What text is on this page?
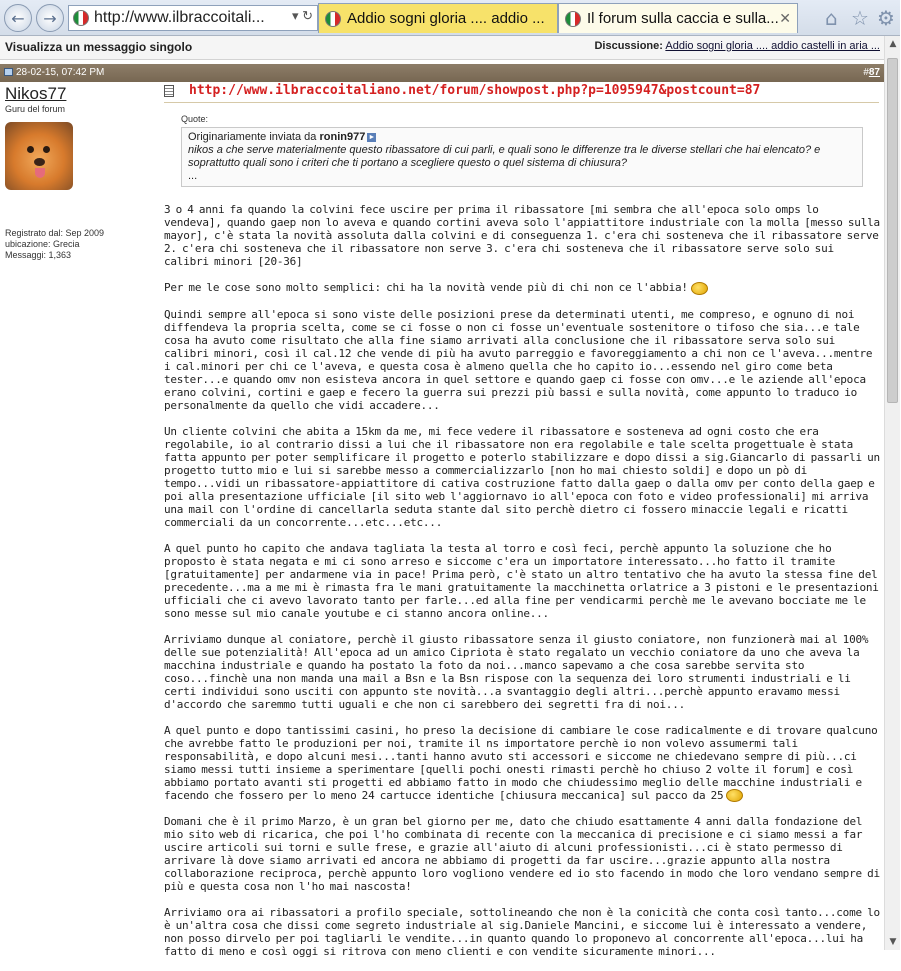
←	→	http://www.ilbraccoitali...	▾ ↻ Addio sogni gloria .... addio ...	Il forum sulla caccia e sulla... ✕ ⌂ ☆ ⚙
Visualizza un messaggio singolo	Discussione: Addio sogni gloria .... addio castelli in aria ...
28-02-15, 07:42 PM	#87
Nikos77
Guru del forum
Registrato dal: Sep 2009
ubicazione: Grecia
Messaggi: 1,363
http://www.ilbraccoitaliano.net/forum/showpost.php?p=1095947&postcount=87
Quote:
Originariamente inviata da ronin977 ►
nikos a che serve materialmente questo ribassatore di cui parli, e quali sono le differenze tra le diverse stellari che hai elencato? e soprattutto quali sono i criteri che ti portano a scegliere questo o quel sistema di chiusura?
...

3 o 4 anni fa quando la colvini fece uscire per prima il ribassatore [mi sembra che all'epoca solo omps lo vendeva], quando gaep non lo aveva e quando cortini aveva solo l'appiattitore industriale con la molla [messo sulla mayor], c'è stata la novità assoluta dalla colvini e di conseguenza 1. c'era chi sosteneva che il ribassatore serve 2. c'era chi sosteneva che il ribassatore non serve 3. c'era chi sosteneva che il ribassatore serve solo sui calibri minori [20-36]

Per me le cose sono molto semplici: chi ha la novità vende più di chi non ce l'abbia!

Quindi sempre all'epoca si sono viste delle posizioni prese da determinati utenti, me compreso, e ognuno di noi diffendeva la propria scelta, come se ci fosse o non ci fosse un'eventuale sostenitore o tifoso che sia...e tale cosa ha avuto come risultato che alla fine siamo arrivati alla conclusione che il ribassatore serva solo sui calibri minori, così il cal.12 che vende di più ha avuto parreggio e favoreggiamento a chi non ce l'aveva...mentre i cal.minori per chi ce l'aveva, e questa cosa è almeno quella che ho capito io...essendo nel giro come beta tester...e quando omv non esisteva ancora in quel settore e quando gaep ci fosse con omv...e le aziende all'epoca erano colvini, cortini e gaep e fecero la guerra sui prezzi più bassi e sulla novità, come appunto lo traduco io personalmente da quello che vidi accadere...

Un cliente colvini che abita a 15km da me, mi fece vedere il ribassatore e sosteneva ad ogni costo che era regolabile, io al contrario dissi a lui che il ribassatore non era regolabile e tale scelta progettuale è stata fatta appunto per poter semplificare il progetto e poterlo stabilizzare e dopo dissi a sig.Giancarlo di passarli un progetto tutto mio e lui si sarebbe messo a commercializzarlo [non ho mai chiesto soldi] e dopo un pò di tempo...vidi un ribassatore-appiattitore di cativa costruzione fatto dalla gaep o dalla omv per conto della gaep e poi alla presentazione ufficiale [il sito web l'aggiornavo io all'epoca con foto e video professionali] mi arriva una mail con l'ordine di cancellarla seduta stante dal sito perchè dietro ci fossero minaccie legali e ricatti commerciali da un concorrente...etc...etc...

A quel punto ho capito che andava tagliata la testa al torro e così feci, perchè appunto la soluzione che ho proposto è stata negata e mi ci sono arreso e siccome c'era un importatore interessato...ho fatto il tramite [gratuitamente] per andarmene via in pace! Prima però, c'è stato un altro tentativo che ha avuto la stessa fine del precedente...ma a me mi è rimasta fra le mani gratuitamente la macchinetta orlatrice a 3 pistoni e le presentazioni ufficiali che ci avevo lavorato tanto per farle...ed alla fine per vendicarmi perchè me le avevano bocciate me le sono messe sul mio canale youtube e ci stanno ancora online...

Arriviamo dunque al coniatore, perchè il giusto ribassatore senza il giusto coniatore, non funzionerà mai al 100% delle sue potenzialità! All'epoca ad un amico Cipriota è stato regalato un vecchio coniatore da uno che aveva la macchina industriale e quando ha postato la foto da noi...manco sapevamo a che cosa sarebbe servita sto coso...finchè una non manda una mail a Bsn e la Bsn rispose con la sequenza dei loro strumenti industriali e li certi individui sono usciti con appunto ste novità...a svantaggio degli altri...perchè appunto eravamo messi d'accordo che saremmo tutti uguali e che non ci sarebbero dei segretti fra di noi...

A quel punto e dopo tantissimi casini, ho preso la decisione di cambiare le cose radicalmente e di trovare qualcuno che avrebbe fatto le produzioni per noi, tramite il ns importatore perchè io non volevo assumermi tali responsabilità, e dopo alcuni mesi...tanti hanno avuto sti accessori e siccome ne chiedevano sempre di più...ci siamo messi tutti insieme a sperimentare [quelli pochi onesti rimasti perchè ho chiuso 2 volte il forum] e così abbiamo portato avanti sti progetti ed abbiamo fatto in modo che chiudessimo meglio delle macchine industriali e facendo che fossero per lo meno 24 cartucce identiche [chiusura meccanica] sul pacco da 25

Domani che è il primo Marzo, è un gran bel giorno per me, dato che chiudo esattamente 4 anni dalla fondazione del mio sito web di ricarica, che poi l'ho combinata di recente con la meccanica di precisione e ci siamo messi a far uscire articoli sui torni e sulle frese, e grazie all'aiuto di alcuni professionisti...ci è stato permesso di arrivare là dove siamo arrivati ed ancora ne abbiamo di progetti da far uscire...grazie appunto alla nostra collaborazione reciproca, perchè appunto loro vogliono vendere ed io sto facendo in modo che loro vendano sempre di più e questa cosa non l'ho mai nascosta!

Arriviamo ora ai ribassatori a profilo speciale, sottolineando che non è la conicità che conta così tanto...come lo è un'altra cosa che dissi come segreto industriale al sig.Daniele Mancini, e siccome lui è interessato a vendere, non posso dirvelo per poi tagliarli le vendite...in quanto quando lo proponevo al concorrente all'epoca...lui ha fatto di meno e così oggi si ritrova con meno clienti e con vendite sicuramente minori...

▲
▼
